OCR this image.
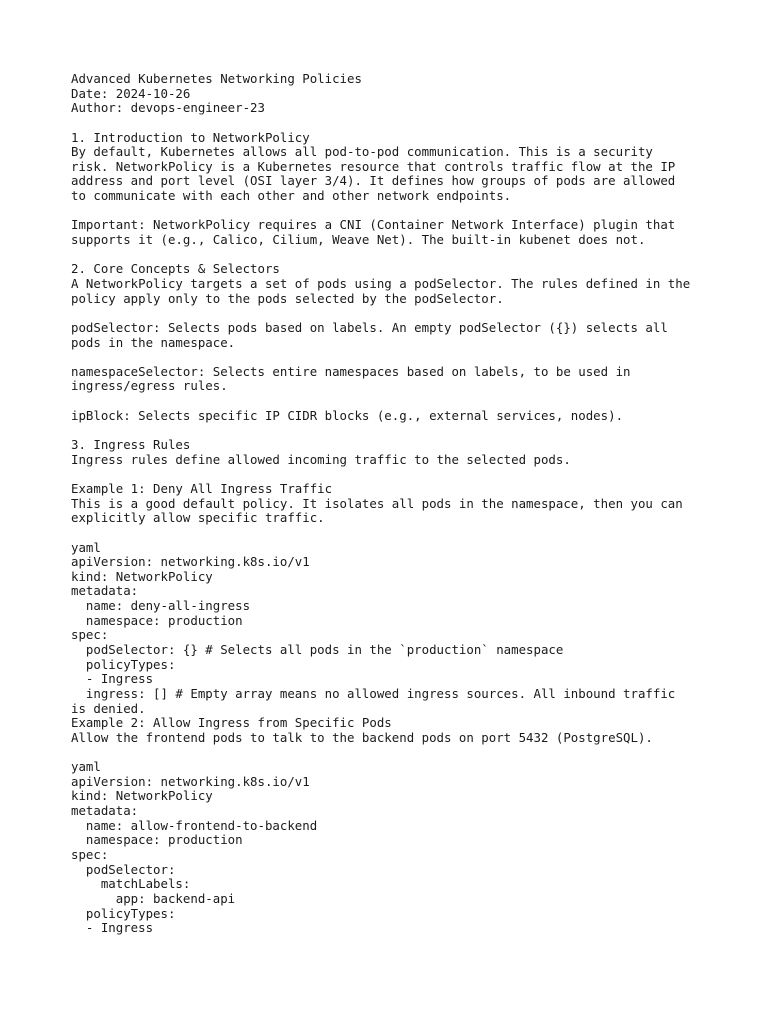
Advanced Kubernetes Networking Policies
Date: 2024-10-26
Author: devops-engineer-23
1. Introduction to NetworkPolicy
By default, Kubernetes allows all pod-to-pod communication. This is a security
risk. NetworkPolicy is a Kubernetes resource that controls traffic flow at the IP
address and port level (OSI layer 3/4). It defines how groups of pods are allowed
to communicate with each other and other network endpoints.
Important: NetworkPolicy requires a CNI (Container Network Interface) plugin that
supports it (e.g., Calico, Cilium, Weave Net). The built-in kubenet does not.
2. Core Concepts & Selectors
A NetworkPolicy targets a set of pods using a podSelector. The rules defined in the
policy apply only to the pods selected by the podSelector.
podSelector: Selects pods based on labels. An empty podSelector ({}) selects all
pods in the namespace.
namespaceSelector: Selects entire namespaces based on labels, to be used in
ingress/egress rules.
ipBlock: Selects specific IP CIDR blocks (e.g., external services, nodes).
3. Ingress Rules
Ingress rules define allowed incoming traffic to the selected pods.
Example 1: Deny All Ingress Traffic
This is a good default policy. It isolates all pods in the namespace, then you can
explicitly allow specific traffic.
yaml
apiVersion: networking.k8s.io/v1
kind: NetworkPolicy
metadata:
name: deny-all-ingress
namespace: production
spec:
podSelector: {} # Selects all pods in the `production` namespace
policyTypes:
- Ingress
ingress: [] # Empty array means no allowed ingress sources. All inbound traffic
is denied.
Example 2: Allow Ingress from Specific Pods
Allow the frontend pods to talk to the backend pods on port 5432 (PostgreSQL).
yaml
apiVersion: networking.k8s.io/v1
kind: NetworkPolicy
metadata:
name: allow-frontend-to-backend
namespace: production
spec:
podSelector:
matchLabels:
app: backend-api
policyTypes:
- Ingress
